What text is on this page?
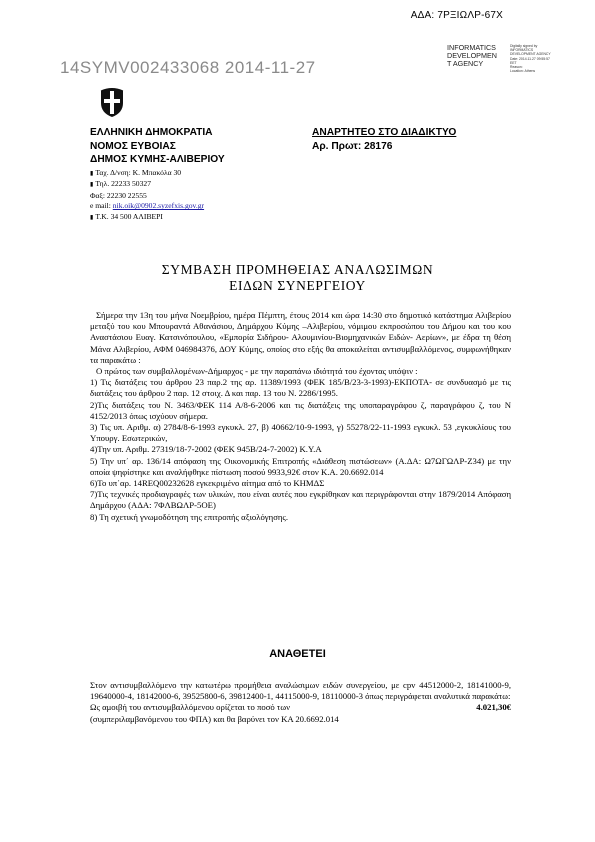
ΑΔΑ: 7ΡΞΙΩΛΡ-67Χ
14SYMV002433068 2014-11-27
INFORMATICS
DEVELOPMEN
T AGENCY
Digitally signed by
INFORMATICS
DEVELOPMENT AGENCY
Date: 2014.11.27 09:55:57
EET
Reason:
Location: Athens
ΕΛΛΗΝΙΚΗ ΔΗΜΟΚΡΑΤΙΑ
ΝΟΜΟΣ ΕΥΒΟΙΑΣ
ΔΗΜΟΣ ΚΥΜΗΣ-ΑΛΙΒΕΡΙΟΥ
ΑΝΑΡΤΗΤΕΟ ΣΤΟ ΔΙΑΔΙΚΤΥΟ
Αρ. Πρωτ: 28176
▮ Ταχ. Δ/νση: Κ. Μπακόλα 30
▮ Τηλ. 22233 50327
Φαξ: 22230 22555
e mail: nik.oik@0902.syzefxis.gov.gr
▮ Τ.Κ. 34 500 ΑΛΙΒΕΡΙ
ΣΥΜΒΑΣΗ ΠΡΟΜΗΘΕΙΑΣ ΑΝΑΛΩΣΙΜΩΝ
ΕΙΔΩΝ ΣΥΝΕΡΓΕΙΟΥ

Σήμερα την 13η του μήνα Νοεμβρίου, ημέρα Πέμπτη, έτους 2014 και ώρα 14:30 στο δημοτικό κατάστημα Αλιβερίου μεταξύ του κου Μπουραντά Αθανάσιου, Δημάρχου Κύμης –Αλιβερίου, νόμιμου εκπροσώπου του Δήμου και του κου Αναστάσιου Ευαγ. Κατσινόπουλου, «Εμπορία Σιδήρου- Αλουμινίου-Βιομηχανικών Ειδών- Αερίων», με έδρα τη θέση Μάνα Αλιβερίου, ΑΦΜ 046984376, ΔΟΥ Κύμης, οποίος στο εξής θα αποκαλείται αντισυμβαλλόμενος, συμφωνήθηκαν τα παρακάτω :

Ο πρώτος των συμβαλλομένων-Δήμαρχος - με την παραπάνω ιδιότητά του έχοντας υπόψιν :

1) Τις διατάξεις του άρθρου 23 παρ.2 της αρ. 11389/1993 (ΦΕΚ 185/Β/23-3-1993)-ΕΚΠΟΤΑ- σε συνδυασμό με τις διατάξεις του άρθρου 2 παρ. 12 στοιχ. Δ και παρ. 13 του Ν. 2286/1995.

2)Τις διατάξεις του Ν. 3463/ΦΕΚ 114 Α/8-6-2006 και τις διατάξεις της υποπαραγράφου ζ, παραγράφου ζ, του Ν 4152/2013 όπως ισχύουν σήμερα.

3) Τις υπ. Αριθμ. α) 2784/8-6-1993 εγκυκλ. 27, β) 40662/10-9-1993, γ) 55278/22-11-1993 εγκυκλ. 53 ,εγκυκλίους του Υπουργ. Εσωτερικών,

4)Την υπ. Αριθμ. 27319/18-7-2002 (ΦΕΚ 945Β/24-7-2002) Κ.Υ.Α

5) Την υπ΄ αρ. 136/14 απόφαση της Οικονομικής Επιτροπής «Διάθεση πιστώσεων» (Α.ΔΑ: Ω7ΩΓΩΛΡ-Ζ34) με την οποία ψηφίστηκε και αναλήφθηκε πίστωση ποσού 9933,92€ στον Κ.Α. 20.6692.014

6)Το υπ΄αρ. 14REQ00232628 εγκεκριμένο αίτημα από το ΚΗΜΔΣ

7)Τις τεχνικές προδιαγραφές των υλικών, που είναι αυτές που εγκρίθηκαν και περιγράφονται στην 1879/2014 Απόφαση Δημάρχου (ΑΔΑ: 7ΦΛΒΩΛΡ-5ΟΕ)

8) Τη σχετική γνωμοδότηση της επιτροπής αξιολόγησης.

ΑΝΑΘΕΤΕΙ

Στον αντισυμβαλλόμενο την κατωτέρω προμήθεια αναλώσιμων ειδών συνεργείου, με cpv 44512000-2, 18141000-9, 19640000-4, 18142000-6, 39525800-6, 39812400-1, 44115000-9, 18110000-3 όπως περιγράφεται αναλυτικά παρακάτω:

Ως αμοιβή του αντισυμβαλλόμενου ορίζεται το ποσό των	4.021,30€

(συμπεριλαμβανόμενου του ΦΠΑ) και θα βαρύνει τον ΚΑ 20.6692.014
